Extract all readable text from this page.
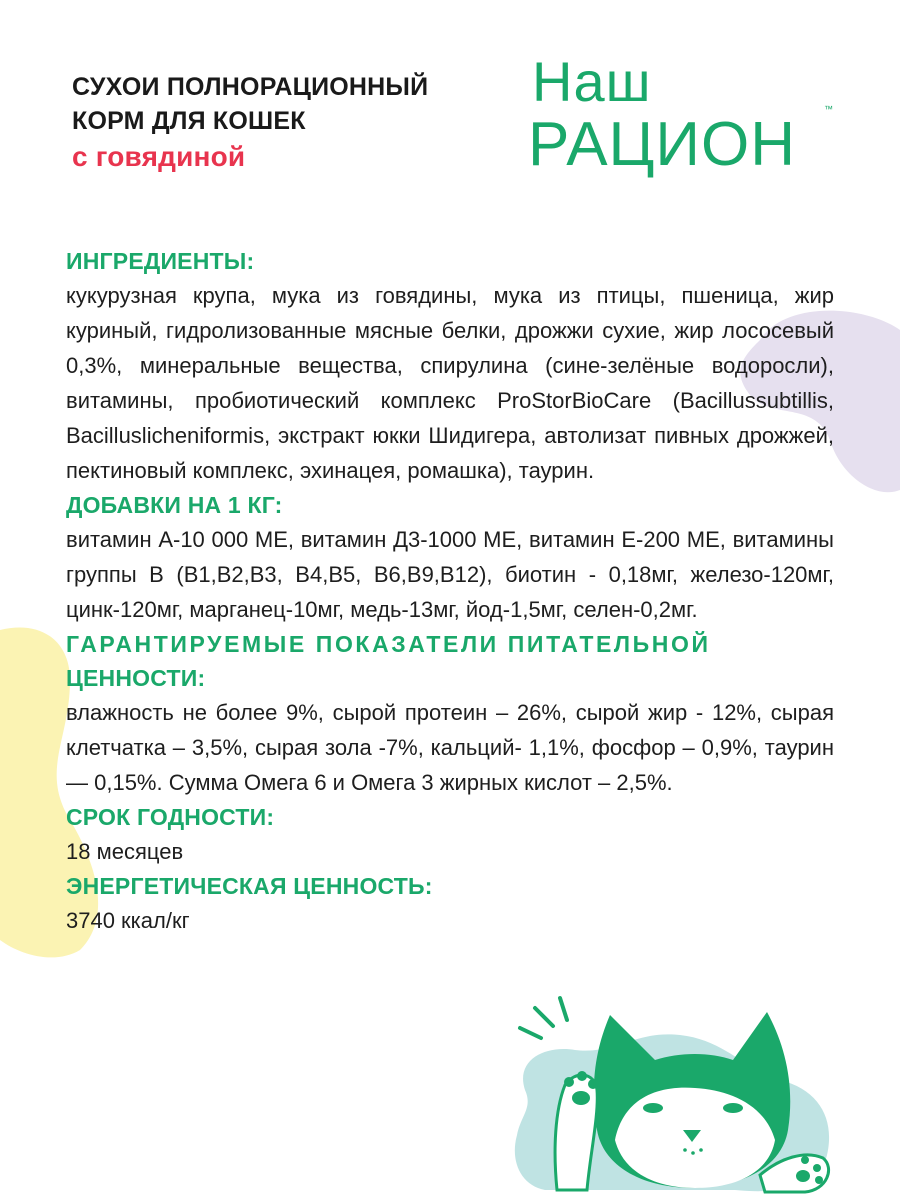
СУХОИ ПОЛНОРАЦИОННЫЙ
КОРМ ДЛЯ КОШЕК
с говядиной
Наш
РАЦИОН
™
ИНГРЕДИЕНТЫ:
кукурузная крупа, мука из говядины, мука из птицы, пшеница, жир куриный, гидролизованные мясные белки, дрожжи сухие, жир лососевый 0,3%, минеральные вещества, спирулина (сине-зелёные водоросли), витамины, пробиотический комплекс ProStorBioCare (Bacillussubtillis, Bacilluslicheniformis, экстракт юкки Шидигера, автолизат пивных дрожжей, пектиновый комплекс, эхинацея, ромашка), таурин.
ДОБАВКИ НА 1 КГ:
витамин А-10 000 МЕ, витамин Д3-1000 МЕ, витамин Е-200 МЕ, витамины группы В (В1,В2,В3, В4,В5, В6,В9,В12), биотин - 0,18мг, железо-120мг, цинк-120мг, марганец-10мг, медь-13мг, йод-1,5мг, селен-0,2мг.
ГАРАНТИРУЕМЫЕ ПОКАЗАТЕЛИ ПИТАТЕЛЬНОЙ
ЦЕННОСТИ:
влажность не более 9%, сырой протеин – 26%, сырой жир - 12%, сырая клетчатка – 3,5%, сырая зола -7%, кальций- 1,1%, фосфор – 0,9%, таурин — 0,15%. Сумма Омега 6 и Омега 3 жирных кислот – 2,5%.
СРОК ГОДНОСТИ:
18 месяцев
ЭНЕРГЕТИЧЕСКАЯ ЦЕННОСТЬ:
3740 ккал/кг
